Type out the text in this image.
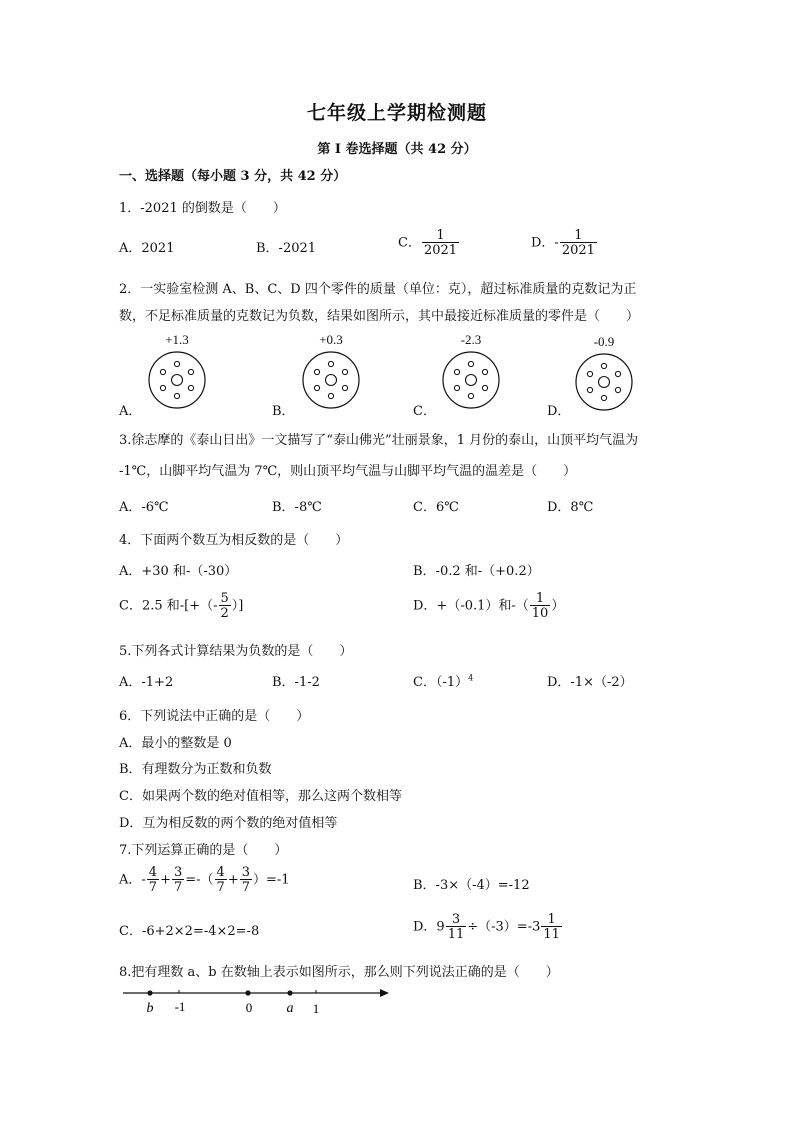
七年级上学期检测题
第 I 卷选择题（共 42 分）
一、选择题（每小题 3 分，共 42 分）
1．-2021 的倒数是（　　）
A．2021	B．-2021	C． $\frac{1}{2021}$	D．- $\frac{1}{2021}$
2．一实验室检测 A、B、C、D 四个零件的质量（单位：克），超过标准质量的克数记为正
数，不足标准质量的克数记为负数，结果如图所示，其中最接近标准质量的零件是（　　）
+1.3	+0.3	-2.3	-0.9
A．	B．	C．	D．
3.徐志摩的《泰山日出》一文描写了“泰山佛光”壮丽景象，1 月份的泰山，山顶平均气温为
-1℃，山脚平均气温为 7℃，则山顶平均气温与山脚平均气温的温差是（　　）
A．-6℃	B．-8℃	C．6℃	D．8℃
4．下面两个数互为相反数的是（　　）
A．+30 和-（-30）	B．-0.2 和-（+0.2）
C．2.5 和-[+（- $\frac{5}{2}$ ）]	D．+（-0.1）和-（ $\frac{1}{10}$ ）
5.下列各式计算结果为负数的是（　　）
A．-1+2	B．-1-2	C．$(-1)^4$	D．-1×（-2）
6．下列说法中正确的是（　　）
A．最小的整数是 0
B．有理数分为正数和负数
C．如果两个数的绝对值相等，那么这两个数相等
D．互为相反数的两个数的绝对值相等
7.下列运算正确的是（　　）
A．- $\frac{4}{7} + \frac{3}{7}$ =-（ $\frac{4}{7} + \frac{3}{7} )=-1$	B．-3×（-4）=-12
C．-6+2×2=-4×2=-8	D．$9 \frac{3}{11} \div(-3)=-3 \frac{1}{11}$
8.把有理数 a、b 在数轴上表示如图所示，那么则下列说法正确的是（　　）
b -1	0 a 1
